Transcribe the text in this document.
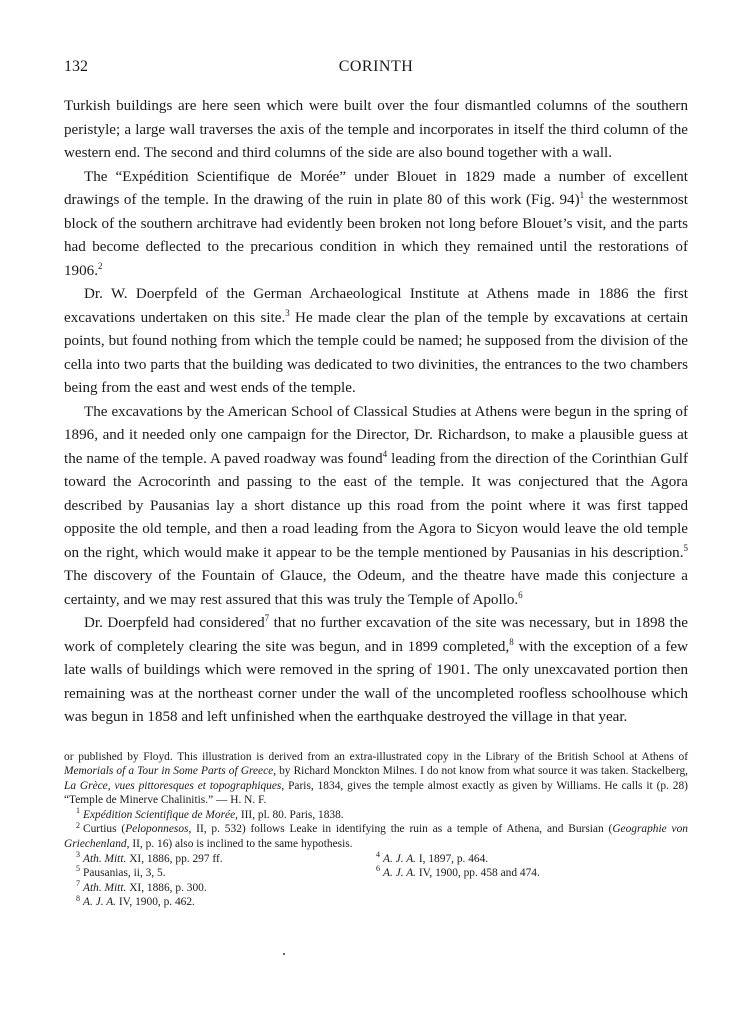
132	CORINTH

Turkish buildings are here seen which were built over the four dismantled columns of the southern peristyle; a large wall traverses the axis of the temple and incorporates in itself the third column of the western end. The second and third columns of the side are also bound together with a wall.

The “Expédition Scientifique de Morée” under Blouet in 1829 made a number of excellent drawings of the temple. In the drawing of the ruin in plate 80 of this work (Fig. 94)$^1$ the westernmost block of the southern architrave had evidently been broken not long before Blouet’s visit, and the parts had become deflected to the precarious condition in which they remained until the restorations of 1906.$^2$

Dr. W. Doerpfeld of the German Archaeological Institute at Athens made in 1886 the first excavations undertaken on this site.$^3$ He made clear the plan of the temple by excavations at certain points, but found nothing from which the temple could be named; he supposed from the division of the cella into two parts that the building was dedicated to two divinities, the entrances to the two chambers being from the east and west ends of the temple.

The excavations by the American School of Classical Studies at Athens were begun in the spring of 1896, and it needed only one campaign for the Director, Dr. Richardson, to make a plausible guess at the name of the temple. A paved roadway was found$^4$ leading from the direction of the Corinthian Gulf toward the Acrocorinth and passing to the east of the temple. It was conjectured that the Agora described by Pausanias lay a short distance up this road from the point where it was first tapped opposite the old temple, and then a road leading from the Agora to Sicyon would leave the old temple on the right, which would make it appear to be the temple mentioned by Pausanias in his description.$^5$ The discovery of the Fountain of Glauce, the Odeum, and the theatre have made this conjecture a certainty, and we may rest assured that this was truly the Temple of Apollo.$^6$

Dr. Doerpfeld had considered$^7$ that no further excavation of the site was necessary, but in 1898 the work of completely clearing the site was begun, and in 1899 completed,$^8$ with the exception of a few late walls of buildings which were removed in the spring of 1901. The only unexcavated portion then remaining was at the northeast corner under the wall of the uncompleted roofless schoolhouse which was begun in 1858 and left unfinished when the earthquake destroyed the village in that year.

or published by Floyd. This illustration is derived from an extra-illustrated copy in the Library of the British School at Athens of Memorials of a Tour in Some Parts of Greece, by Richard Monckton Milnes. I do not know from what source it was taken. Stackelberg, La Grèce, vues pittoresques et topographiques, Paris, 1834, gives the temple almost exactly as given by Williams. He calls it (p. 28) “Temple de Minerve Chalinitis.” — H. N. F.

$^1$ Expédition Scientifique de Morée, III, pl. 80. Paris, 1838.

$^2$ Curtius (Peloponnesos, II, p. 532) follows Leake in identifying the ruin as a temple of Athena, and Bursian (Geographie von Griechenland, II, p. 16) also is inclined to the same hypothesis.

$^3$ Ath. Mitt. XI, 1886, pp. 297 ff.	$^4$ A. J. A. I, 1897, p. 464.

$^5$ Pausanias, ii, 3, 5.	$^6$ A. J. A. IV, 1900, pp. 458 and 474.

$^7$ Ath. Mitt. XI, 1886, p. 300.

$^8$ A. J. A. IV, 1900, p. 462.
